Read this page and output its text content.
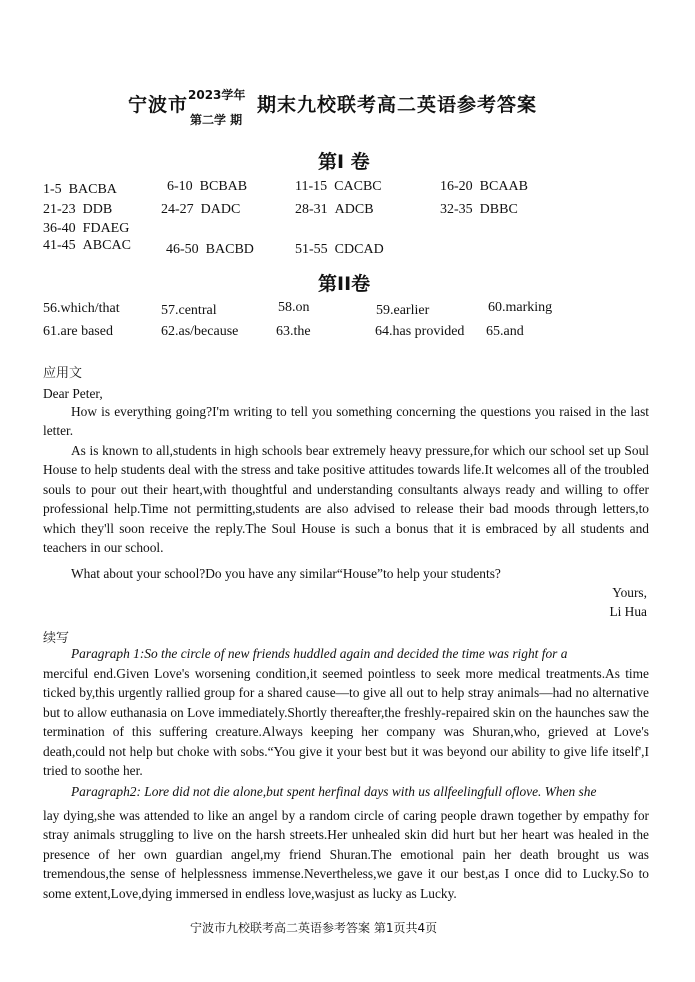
宁波市 2023学年
第二学 期
期末九校联考高二英语参考答案
第I 卷
1-5 BACBA	6-10 BCBAB	11-15 CACBC	16-20 BCAAB
21-23 DDB	24-27 DADC	28-31 ADCB	32-35 DBBC
36-40 FDAEG
41-45 ABCAC	46-50 BACBD	51-55 CDCAD
第II卷
56.which/that	57.central	58.on	59.earlier	60.marking
61.are based	62.as/because	63.the	64.has provided 65.and
应用文
Dear Peter,

How is everything going?I'm writing to tell you something concerning the questions you raised in the last letter.

As is known to all,students in high schools bear extremely heavy pressure,for which our school set up Soul House to help students deal with the stress and take positive attitudes towards life.It welcomes all of the troubled souls to pour out their heart,with thoughtful and understanding consultants always ready and willing to offer professional help.Time not permitting,students are also advised to release their bad moods through letters,to which they'll soon receive the reply.The Soul House is such a bonus that it is embraced by all students and teachers in our school.

What about your school?Do you have any similar“House”to help your students?

Yours,
Li Hua
续写
Paragraph 1:So the circle of new friends huddled again and decided the time was right for a

merciful end.Given Love's worsening condition,it seemed pointless to seek more medical treatments.As time ticked by,this urgently rallied group for a shared cause—to give all out to help stray animals—had no alternative but to allow euthanasia on Love immediately.Shortly thereafter,the freshly-repaired skin on the haunches saw the termination of this suffering creature.Always keeping her company was Shuran,who, grieved at Love's death,could not help but choke with sobs.“You give it your best but it was beyond our ability to give life itself',I tried to soothe her.

Paragraph2: Lore did not die alone,but spent herfinal days with us allfeelingfull oflove. When she

lay dying,she was attended to like an angel by a random circle of caring people drawn together by empathy for stray animals struggling to live on the harsh streets.Her unhealed skin did hurt but her heart was healed in the presence of her own guardian angel,my friend Shuran.The emotional pain her death brought us was tremendous,the sense of helplessness immense.Nevertheless,we gave it our best,as I once did to Lucky.So to some extent,Love,dying immersed in endless love,wasjust as lucky as Lucky.

宁波市九校联考高二英语参考答案 第1页共4页
